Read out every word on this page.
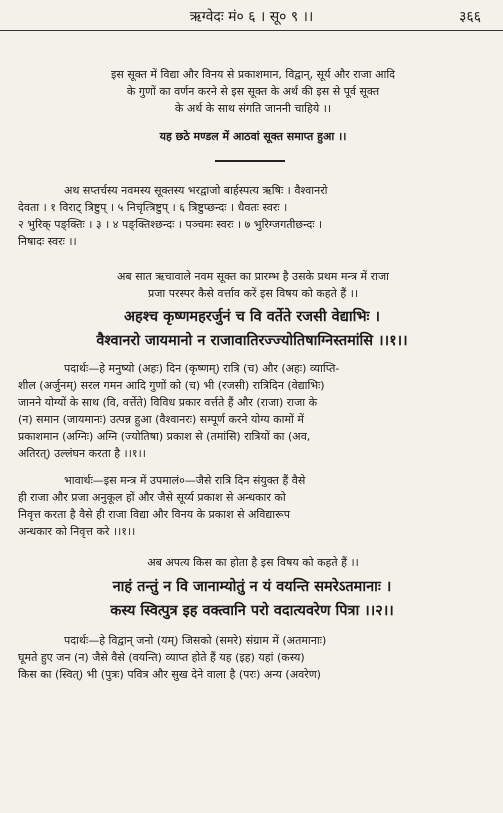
ऋग्वेदः मं० ६ । सू० ९ ।।	३६६
इस सूक्त में विद्या और विनय से प्रकाशमान, विद्वान्, सूर्य और राजा आदि
के गुणों का वर्णन करने से इस सूक्त के अर्थ की इस से पूर्व सूक्त
के अर्थ के साथ संगति जाननी चाहिये ।।
यह छठे मण्डल में आठवां सूक्त समाप्त हुआ ।।
अथ सप्तर्चस्य नवमस्य सूक्तस्य भरद्वाजो बार्हस्पत्य ऋषिः । वैश्वानरो
देवता । १ विराट् त्रिष्टुप् । ५ निचृत्त्रिष्टुप् । ६ त्रिष्टुप्छन्दः । धैवतः स्वरः ।
२ भुरिक् पङ्क्तिः । ३ । ४ पङ्क्तिश्छन्दः । पञ्चमः स्वरः । ७ भुरिग्जगतीछन्दः ।
निषादः स्वरः ।।
अब सात ऋचावाले नवम सूक्त का प्रारम्भ है उसके प्रथम मन्त्र में राजा
प्रजा परस्पर कैसे वर्त्ताव करें इस विषय को कहते हैं ।।
अहश्च कृष्णमहरर्जुनं च वि वर्तेते रजसी वेद्याभिः ।
वैश्वानरो जायमानो न राजावातिरज्ज्योतिषाग्निस्तमांसि ।।१।।
पदार्थः—हे मनुष्यो (अहः) दिन (कृष्णम्) रात्रि (च) और (अहः) व्याप्ति-
शील (अर्जुनम्) सरल गमन आदि गुणों को (च) भी (रजसी) रात्रिदिन (वेद्याभिः)
जानने योग्यों के साथ (वि, वर्त्तेते) विविध प्रकार वर्त्तते हैं और (राजा) राजा के
(न) समान (जायमानः) उत्पन्न हुआ (वैश्वानरः) सम्पूर्ण करने योग्य कामों में
प्रकाशमान (अग्निः) अग्नि (ज्योतिषा) प्रकाश से (तमांसि) रात्रियों का (अव,
अतिरत्) उल्लंघन करता है ।।१।।
भावार्थः—इस मन्त्र में उपमालं०—जैसे रात्रि दिन संयुक्त हैं वैसे
ही राजा और प्रजा अनुकूल हों और जैसे सूर्य्य प्रकाश से अन्धकार को
निवृत्त करता है वैसे ही राजा विद्या और विनय के प्रकाश से अविद्यारूप
अन्धकार को निवृत्त करे ।।१।।
अब अपत्य किस का होता है इस विषय को कहते हैं ।।
नाहं तन्तुं न वि जानाम्योतुं न यं वयन्ति समरेऽतमानाः ।
कस्य स्वित्पुत्र इह वक्त्वानि परो वदात्यवरेण पित्रा ।।२।।
पदार्थः—हे विद्वान् जनो (यम्) जिसको (समरे) संग्राम में (अतमानाः)
घूमते हुए जन (न) जैसे वैसे (वयन्ति) व्याप्त होते हैं यह (इह) यहां (कस्य)
किस का (स्वित्) भी (पुत्रः) पवित्र और सुख देने वाला है (परः) अन्य (अवरेण)
